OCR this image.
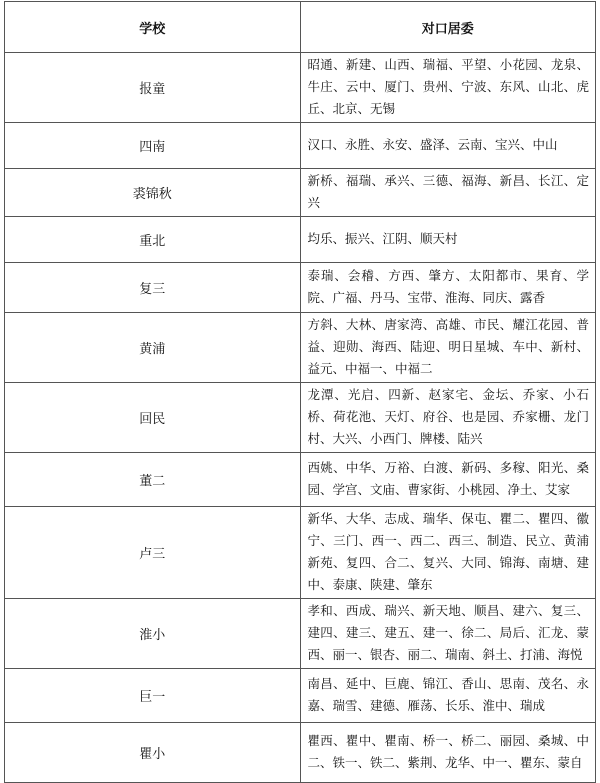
学校	对口居委
报童	昭通、新建、山西、瑞福、平望、小花园、龙泉、牛庄、云中、厦门、贵州、宁波、东风、山北、虎丘、北京、无锡
四南	汉口、永胜、永安、盛泽、云南、宝兴、中山
裘锦秋	新桥、福瑞、承兴、三德、福海、新昌、长江、定兴
重北	均乐、振兴、江阴、顺天村
复三	泰瑞、会稽、方西、肇方、太阳都市、果育、学院、广福、丹马、宝带、淮海、同庆、露香
黄浦	方斜、大林、唐家湾、高雄、市民、耀江花园、普益、迎勋、海西、陆迎、明日星城、车中、新村、益元、中福一、中福二
回民	龙潭、光启、四新、赵家宅、金坛、乔家、小石桥、荷花池、天灯、府谷、也是园、乔家栅、龙门村、大兴、小西门、牌楼、陆兴
董二	西姚、中华、万裕、白渡、新码、多稼、阳光、桑园、学宫、文庙、曹家街、小桃园、净土、艾家
卢三	新华、大华、志成、瑞华、保屯、瞿二、瞿四、徽宁、三门、西一、西二、西三、制造、民立、黄浦新苑、复四、合二、复兴、大同、锦海、南塘、建中、泰康、陕建、肇东
淮小	孝和、西成、瑞兴、新天地、顺昌、建六、复三、建四、建三、建五、建一、徐二、局后、汇龙、蒙西、丽一、银杏、丽二、瑞南、斜土、打浦、海悦
巨一	南昌、延中、巨鹿、锦江、香山、思南、茂名、永嘉、瑞雪、建德、雁荡、长乐、淮中、瑞成
瞿小	瞿西、瞿中、瞿南、桥一、桥二、丽园、桑城、中二、铁一、铁二、紫荆、龙华、中一、瞿东、蒙自
